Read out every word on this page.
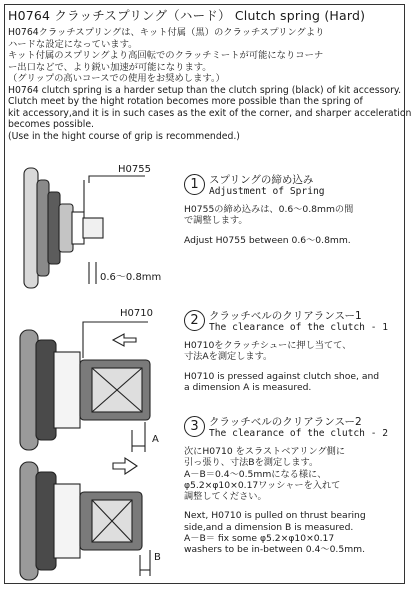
H0764 クラッチスプリング（ハード） Clutch spring (Hard)

H0764クラッチスプリングは、キット付属（黒）のクラッチスプリングより

ハードな設定になっています。

キット付属のスプリングより高回転でのクラッチミートが可能になりコーナ

ー出口などで、より鋭い加速が可能になります。

（グリップの高いコースでの使用をお奨めします。）

H0764 clutch spring is a harder setup than the clutch spring (black) of kit accessory.

Clutch meet by the hight rotation becomes more possible than the spring of

kit accessory,and it is in such cases as the exit of the corner, and sharper acceleration

becomes possible.

(Use in the hight course of grip is recommended.)

H0755
0.6～0.8mm
H0710
A
B
1 スプリングの締め込み
Adjustment of Spring

H0755の締め込みは、0.6〜0.8mmの間
で調整します。

Adjust H0755 between 0.6〜0.8mm.

2 クラッチベルのクリアランスー1
The clearance of the clutch - 1

H0710をクラッチシューに押し当てて、
寸法Aを測定します。

H0710 is pressed against clutch shoe, and
a dimension A is measured.

3 クラッチベルのクリアランスー2
The clearance of the clutch - 2

次にH0710 をスラストベアリング側に
引っ張り、寸法Bを測定します。
A－B＝0.4〜0.5mmになる様に、
φ5.2×φ10×0.17ワッシャーを入れて
調整してください。

Next, H0710 is pulled on thrust bearing
side,and a dimension B is measured.
A－B＝ fix some φ5.2×φ10×0.17
washers to be in-between 0.4〜0.5mm.
